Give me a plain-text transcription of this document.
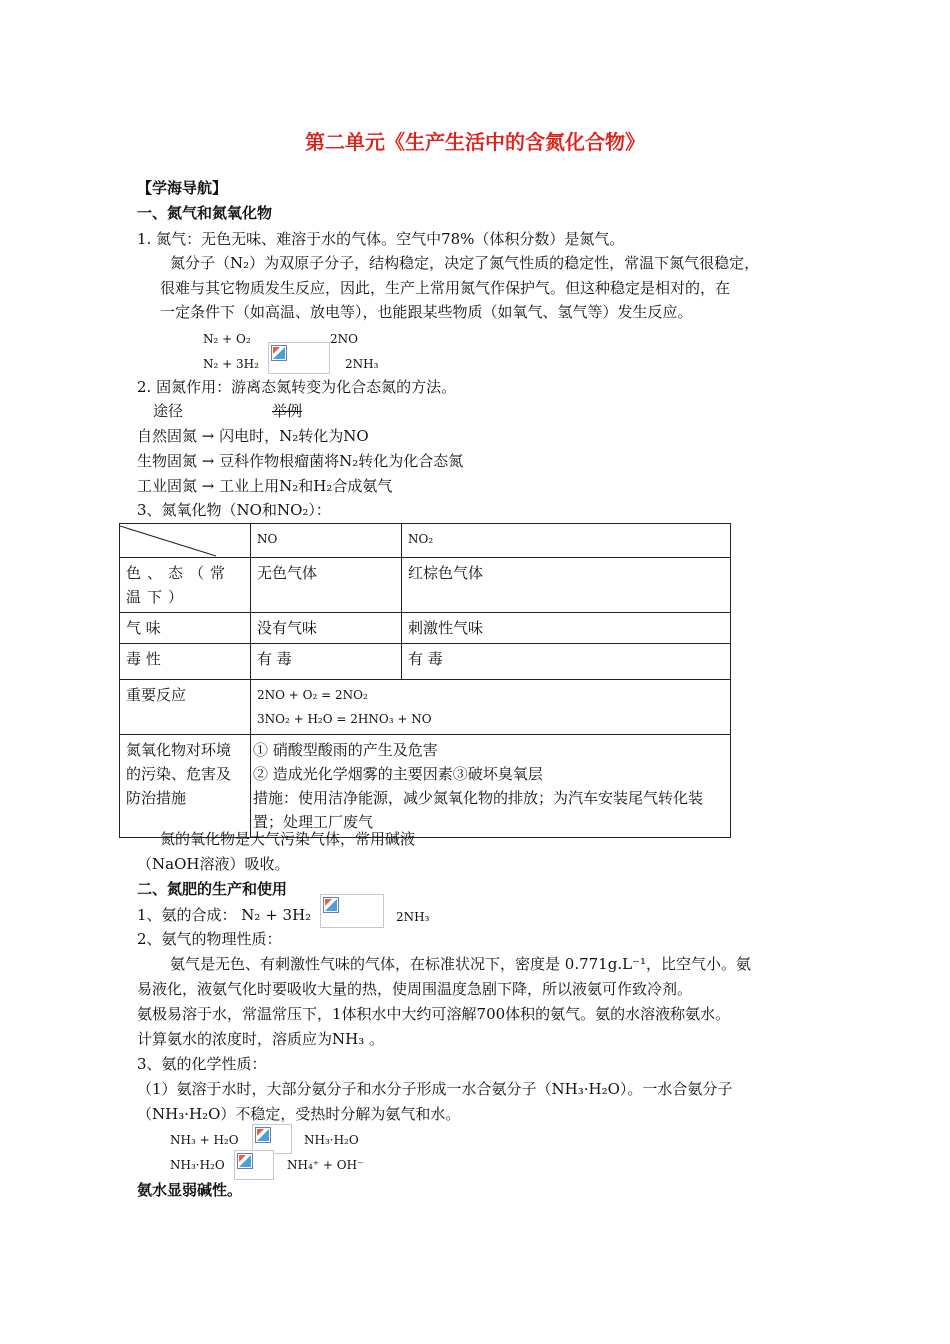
第二单元《生产生活中的含氮化合物》
【学海导航】
一、氮气和氮氧化物
1. 氮气：无色无味、难溶于水的气体。空气中78%（体积分数）是氮气。
氮分子（N₂）为双原子分子，结构稳定，决定了氮气性质的稳定性，常温下氮气很稳定，
很难与其它物质发生反应，因此，生产上常用氮气作保护气。但这种稳定是相对的，在
一定条件下（如高温、放电等），也能跟某些物质（如氧气、氢气等）发生反应。
N₂ + O₂	2NO
N₂ + 3H₂	2NH₃
2. 固氮作用：游离态氮转变为化合态氮的方法。
途径	举例
自然固氮 → 闪电时，N₂转化为NO
生物固氮 → 豆科作物根瘤菌将N₂转化为化合态氮
工业固氮 → 工业上用N₂和H₂合成氨气
3、氮氧化物（NO和NO₂）：
	NO	NO₂
色、态（常温下）	无色气体	红棕色气体
气 味	没有气味	刺激性气味
毒 性	有 毒	有 毒
重要反应	2NO + O₂ = 2NO₂
3NO₂ + H₂O = 2HNO₃ + NO	

氮氧化物对环境的污染、危害及防治措施	① 硝酸型酸雨的产生及危害
② 造成光化学烟雾的主要因素③破坏臭氧层
措施：使用洁净能源，减少氮氧化物的排放；为汽车安装尾气转化装置；处理工厂废气	
氮的氧化物是大气污染气体，常用碱液
（NaOH溶液）吸收。
二、氮肥的生产和使用
1、氨的合成： N₂ + 3H₂	2NH₃
2、氨气的物理性质：
氨气是无色、有刺激性气味的气体，在标准状况下，密度是 0.771g.L⁻¹，比空气小。氨
易液化，液氨气化时要吸收大量的热，使周围温度急剧下降，所以液氨可作致冷剂。
氨极易溶于水，常温常压下，1体积水中大约可溶解700体积的氨气。氨的水溶液称氨水。
计算氨水的浓度时，溶质应为NH₃ 。
3、氨的化学性质：
（1）氨溶于水时，大部分氨分子和水分子形成一水合氨分子（NH₃·H₂O）。一水合氨分子
（NH₃·H₂O）不稳定，受热时分解为氨气和水。
NH₃ + H₂O	NH₃·H₂O
NH₃·H₂O	NH₄⁺ + OH⁻
氨水显弱碱性。
